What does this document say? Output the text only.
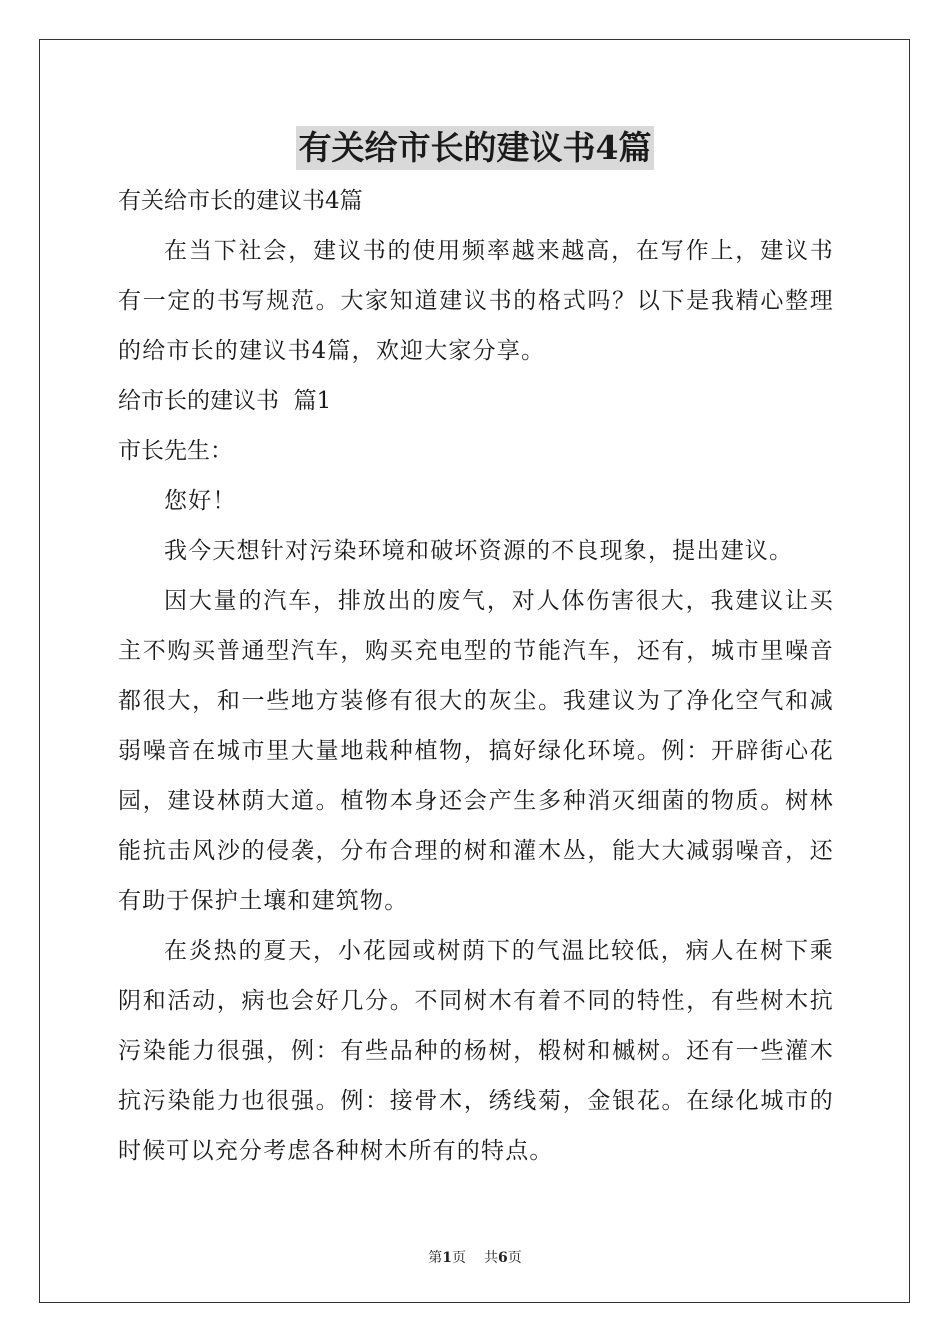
有关给市长的建议书4篇
有关给市长的建议书4篇

在当下社会，建议书的使用频率越来越高，在写作上，建议书有一定的书写规范。大家知道建议书的格式吗？以下是我精心整理的给市长的建议书4篇，欢迎大家分享。

给市长的建议书  篇1
市长先生：

您好！

我今天想针对污染环境和破坏资源的不良现象，提出建议。

因大量的汽车，排放出的废气，对人体伤害很大，我建议让买主不购买普通型汽车，购买充电型的节能汽车，还有，城市里噪音都很大，和一些地方装修有很大的灰尘。我建议为了净化空气和减弱噪音在城市里大量地栽种植物，搞好绿化环境。例：开辟街心花园，建设林荫大道。植物本身还会产生多种消灭细菌的物质。树林能抗击风沙的侵袭，分布合理的树和灌木丛，能大大减弱噪音，还有助于保护土壤和建筑物。

在炎热的夏天，小花园或树荫下的气温比较低，病人在树下乘阴和活动，病也会好几分。不同树木有着不同的特性，有些树木抗污染能力很强，例：有些品种的杨树，椴树和槭树。还有一些灌木抗污染能力也很强。例：接骨木，绣线菊，金银花。在绿化城市的时候可以充分考虑各种树木所有的特点。

第1页 共6页
